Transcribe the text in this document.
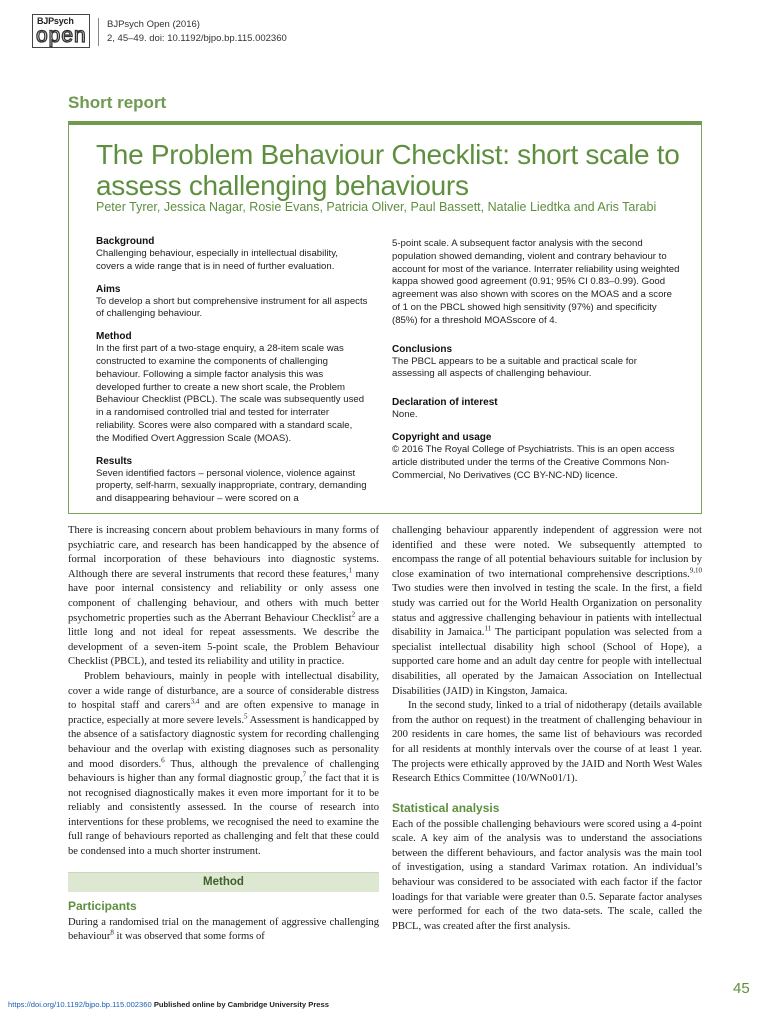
BJPsych
open BJPsych Open (2016)
2, 45–49. doi: 10.1192/bjpo.bp.115.002360
Short report
The Problem Behaviour Checklist: short scale to assess challenging behaviours
Peter Tyrer, Jessica Nagar, Rosie Evans, Patricia Oliver, Paul Bassett, Natalie Liedtka and Aris Tarabi
Background

Challenging behaviour, especially in intellectual disability, covers a wide range that is in need of further evaluation.

Aims

To develop a short but comprehensive instrument for all aspects of challenging behaviour.

Method

In the first part of a two-stage enquiry, a 28-item scale was constructed to examine the components of challenging behaviour. Following a simple factor analysis this was developed further to create a new short scale, the Problem Behaviour Checklist (PBCL). The scale was subsequently used in a randomised controlled trial and tested for interrater reliability. Scores were also compared with a standard scale, the Modified Overt Aggression Scale (MOAS).

Results

Seven identified factors – personal violence, violence against property, self-harm, sexually inappropriate, contrary, demanding and disappearing behaviour – were scored on a

5-point scale. A subsequent factor analysis with the second population showed demanding, violent and contrary behaviour to account for most of the variance. Interrater reliability using weighted kappa showed good agreement (0.91; 95% CI 0.83–0.99). Good agreement was also shown with scores on the MOAS and a score of 1 on the PBCL showed high sensitivity (97%) and specificity (85%) for a threshold MOASscore of 4.

Conclusions

The PBCL appears to be a suitable and practical scale for assessing all aspects of challenging behaviour.

Declaration of interest

None.

Copyright and usage

© 2016 The Royal College of Psychiatrists. This is an open access article distributed under the terms of the Creative Commons Non-Commercial, No Derivatives (CC BY-NC-ND) licence.

There is increasing concern about problem behaviours in many forms of psychiatric care, and research has been handicapped by the absence of formal incorporation of these behaviours into diagnostic systems. Although there are several instruments that record these features,$^1$ many have poor internal consistency and reliability or only assess one component of challenging behaviour, and others with much better psychometric properties such as the Aberrant Behaviour Checklist$^2$ are a little long and not ideal for repeat assessments. We describe the development of a seven-item 5-point scale, the Problem Behaviour Checklist (PBCL), and tested its reliability and utility in practice.

Problem behaviours, mainly in people with intellectual disability, cover a wide range of disturbance, are a source of considerable distress to hospital staff and carers$^{3,4}$ and are often expensive to manage in practice, especially at more severe levels.$^5$ Assessment is handicapped by the absence of a satisfactory diagnostic system for recording challenging behaviour and the overlap with existing diagnoses such as personality and mood disorders.$^6$ Thus, although the prevalence of challenging behaviours is higher than any formal diagnostic group,$^7$ the fact that it is not recognised diagnostically makes it even more important for it to be reliably and consistently assessed. In the course of research into interventions for these problems, we recognised the need to examine the full range of behaviours reported as challenging and felt that these could be condensed into a much shorter instrument.

Method
Participants

During a randomised trial on the management of aggressive challenging behaviour$^8$ it was observed that some forms of

challenging behaviour apparently independent of aggression were not identified and these were noted. We subsequently attempted to encompass the range of all potential behaviours suitable for inclusion by close examination of two international comprehensive descriptions.$^{9,10}$ Two studies were then involved in testing the scale. In the first, a field study was carried out for the World Health Organization on personality status and aggressive challenging behaviour in patients with intellectual disability in Jamaica.$^{11}$ The participant population was selected from a specialist intellectual disability high school (School of Hope), a supported care home and an adult day centre for people with intellectual disabilities, all operated by the Jamaican Association on Intellectual Disabilities (JAID) in Kingston, Jamaica.

In the second study, linked to a trial of nidotherapy (details available from the author on request) in the treatment of challenging behaviour in 200 residents in care homes, the same list of behaviours was recorded for all residents at monthly intervals over the course of at least 1 year. The projects were ethically approved by the JAID and North West Wales Research Ethics Committee (10/WNo01/1).

Statistical analysis

Each of the possible challenging behaviours were scored using a 4-point scale. A key aim of the analysis was to understand the associations between the different behaviours, and factor analysis was the main tool of investigation, using a standard Varimax rotation. An individual’s behaviour was considered to be associated with each factor if the factor loadings for that variable were greater than 0.5. Separate factor analyses were performed for each of the two data-sets. The scale, called the PBCL, was created after the first analysis.

45
https://doi.org/10.1192/bjpo.bp.115.002360 Published online by Cambridge University Press
